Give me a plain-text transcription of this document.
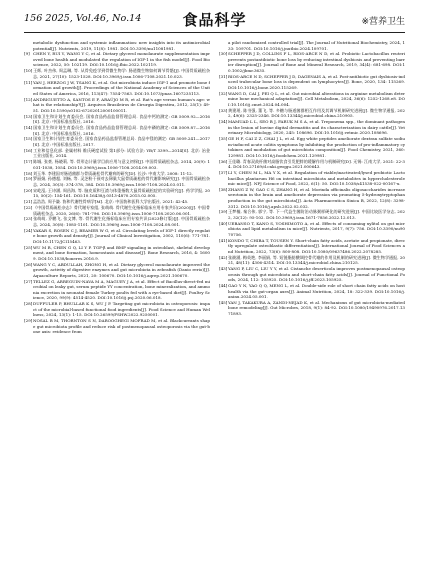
156 2025, Vol.46, No.14	食品科学	※营养卫生

metabolic dysfunction and systemic inflammation: new insights into its antimicrobial potential[J]. Nutrients, 2019, 11(8): 1981. DOI:10.3390/nu11081981.

[9] CHEN Y, RUI Y, WANG Y C, et al. Dietary glycerol monolaurate supplementation improved bone health and modulated the regulation of IGF-1 in the fish model[J]. Food Bioscience, 2022, 50: 102119. DOI:10.1016/j.fbio.2022.102119.

[10]王辉, 叶杰伟, 周孟琳, 等. 从骨免疫学到骨微生物学: 肠道微生物如何调节骨骼[J]. 中国骨质疏松杂志, 2021, 27(10): 1523-1528. DOI:10.3969/j.issn.1006-7108.2021.10.023.

[11]YAN J, HERZOG J W, TSANG K, et al. Gut microbiota induce IGF-1 and promote bone formation and growth[J]. Proceedings of the National Academy of Sciences of the United States of America, 2016, 113(47): 7554-7563. DOI:10.1073/pnas.1607235113.

[12]ANDRIGUETTO A, SANTOS E F, ARAÚJO M R, et al. Rat's age versus human's age: what is the relationship?[J]. Arquivos Brasileiros de Cirurgia Digestiva, 2012, 25(1): 49-51. DOI:10.1590/s0102-67202012000100011.

[13]国家卫生和计划生育委员会, 国家食品药品监督管理总局. 食品中钙的测定: GB 5009.92—2016[S]. 北京: 中国标准出版社, 2016.

[14]国家卫生和计划生育委员会, 国家食品药品监督管理总局. 食品中磷的测定: GB 5009.87—2016[S]. 北京: 中国标准出版社, 2016.

[15]国家卫生和计划生育委员会, 国家食品药品监督管理总局. 食品中镁的测定: GB 5009.241—2017[S]. 北京: 中国标准出版社, 2017.

[16]工业和信息化部. 金属材料 维氏硬度试验 第1部分: 试验方法: YB/T 3399—2014[S]. 北京: 冶金工业出版社, 2014.

[17]陈城, 张豪, 杨晓莉, 等. 骨形态计量学目前应用与意义初探[J]. 中国骨质疏松杂志, 2014, 20(9): 1031-1038, 1054. DOI:10.3969/j.issn.1006-7108.2014.09.003.

[18]刘玉华. 李建国对肠道菌群与骨质疏松骨代谢病的研究[D]. 长沙: 中南大学, 2008: 11-12.

[19]罗丽娟, 孙德超, 刘畅, 等. 灵芝粉干预对去卵巢大鼠骨质疏松的骨代谢影响研究[J]. 中国骨质疏松杂志, 2024, 30(3): 374-378, 384. DOI:10.3969/j.issn.1006-7108.2024.03.011.

[20]宋屹泓, 王诗涵, 周昌海, 等. 脑皮质和豆渣与体重指数大鼠骨质疏松症的实验研究[J]. 药学学报, 2015, 50(2): 154-161. DOI:10.16438/j.0513-4870.2015.02.005.

[21]孟浩浩, 周予谦. 协和代谢性骨病学[M]. 北京: 中国协和医科大学出版社, 2021: 42-45.

[22]《中国骨质疏松杂志》骨代谢专家组, 张萌萌. 骨代谢生化指标临床应用专家共识(2020)[J]. 中国骨质疏松杂志, 2020, 26(6): 781-796. DOI:10.3969/j.issn.1006-7108.2020.06.001.

[23]张萌萌, 乔鹏飞, 张文博, 等. 骨代谢生化指标临床应用专家共识(2023修订版)[J]. 中国骨质疏松杂志, 2024, 30(8): 1085-1101. DOI:10.3969/j.issn.1006-7108.2024.08.001.

[24]YAKAR S, ROSEN C J, BEAMER W G, et al. Circulating levels of IGF-1 directly regulate bone growth and density[J]. Journal of Clinical Investigation, 2002, 110(6): 771-781. DOI:10.1172/JCI15463.

[25]WU M R, CHEN G Q, LI Y P. TGF-β and BMP signaling in osteoblast, skeletal development, and bone formation, homeostasis and disease[J]. Bone Research, 2016, 4: 16009. DOI:10.1038/boneres.2016.9.

[26]WANG Y C, ABDULLAH, ZHONG H, et al. Dietary glycerol monolaurate improved the growth, activity of digestive enzymes and gut microbiota in zebrafish (Danio rerio)[J]. Aquaculture Reports, 2021, 20: 100670. DOI:10.1016/j.aqrep.2021.100670.

[27]TELLEZ G, ARREGUIN-NAVA M A, MAGUEY J A, et al. Effect of Bacillus-direct-fed microbial on leaky gut, serum peptide YY concentration, bone mineralization, and ammonia excretion in neonatal female Turkey poults fed with a rye-based diet[J]. Poultry Science, 2020, 99(9): 4514-4520. DOI:10.1016/j.psj.2020.06.018.

[28]DUFFULER P, BHULLAR K S, WU J P. Targeting gut microbiota in osteoporosis: impact of the microbial-based functional food ingredients[J]. Food Science and Human Wellness, 2024, 13(1): 1-15. DOI:10.26599/FSHW.2022.9250001.

[29]NOSAL B M, THORNTON S N, DAROOGHEGI MOFRAD M, et al. Blackcurrants shape gut microbiota profile and reduce risk of postmenopausal osteoporosis via the gut-bone axis: evidence from

a pilot randomized controlled trial[J]. The Journal of Nutritional Biochemistry, 2024, 133: 109701. DOI:10.1016/j.jnutbio.2024.109701.

[30]SCHEPPER J D, COLLINS F L, RIOS-ARCE N D, et al. Probiotic Lactobacillus reuteri prevents postantibiotic bone loss by reducing intestinal dysbiosis and preventing barrier disruption[J]. Journal of Bone and Mineral Research, 2019, 34(4): 681-698. DOI:10.1002/jbmr.3635.

[31]RIOS-ARCE N D, SCHEPPER J D, DAGENAIS A, et al. Post-antibiotic gut dysbiosis-induced trabecular bone loss is dependent on lymphocytes[J]. Bone, 2020, 134: 115269. DOI:10.1016/j.bone.2020.115269.

[32]WANG D, CAI J, PEI Q L, et al. Gut microbial alterations in arginine metabolism determine bone mechanical adaptation[J]. Cell Metabolism, 2024, 36(6): 1252-1268.e8. DOI:10.1016/j.cmet.2024.04.004.

[33]黄建瑶, 陈书强, 董飞, 等. 多糖与肠道菌群相互作用及其调节机制研究进展[J]. 微生物学通报, 2022, 49(6): 2325-2346. DOI:10.13344/j.microbiol.china.210905.

[34]MAMUAD L L, SEO B J, FARUK M S A, et al. Treponema spp., the dominant pathogen in the lesion of bovine digital dermatitis and its characterization in dairy cattle[J]. Veterinary Microbiology, 2020, 245: 108696. DOI:10.1016/j.vetmic.2020.108696.

[35]GE H F, CAI Z Z, CHAI J L, et al. Egg white peptides ameliorate dextran sulfate sodium-induced acute colitis symptoms by inhibiting the production of pro-inflammatory cytokines and modulation of gut microbiota composition[J]. Food Chemistry, 2021, 360: 129981. DOI:10.1016/j.foodchem.2021.129981.

[36]王佳璐. 青春双歧杆菌对高脂饮食引发肥胖的缓解作用与机制研究[D]. 无锡: 江南大学, 2021: 22-34. DOI:10.27169/d.cnki.gwqgu.2021.000643.

[37]LI Y, CHEN M L, MA Y X, et al. Regulation of viable/inactivated/lysed probiotic Lactobacillus plantarum H6 on intestinal microbiota and metabolites in hypercholesterolemic mice[J]. NPJ Science of Food, 2022, 6(1): 50. DOI:10.1038/s41538-022-00167-x.

[38]ZHANG Z W, GAO C S, ZHANG H, et al. Morinda officinalis oligosaccharides increase serotonin in the brain and ameliorate depression via promoting 5-hydroxytryptophan production in the gut microbiota[J]. Acta Pharmaceutica Sinica B, 2022, 12(8): 3298-3312. DOI:10.1016/j.apsb.2022.02.032.

[39]王梦楠, 秦合伟, 郭宁, 等. 下一代益生菌防治动脉粥样硬化的研究进展[J]. 中国比较医学杂志, 2022, 32(12): 95-102. DOI:10.3969/j.issn.1671-7856.2022.12.013.

[40]UEBANSO T, KANO S, YOSHIMOTO A, et al. Effects of consuming xylitol on gut microbiota and lipid metabolism in mice[J]. Nutrients, 2017, 9(7): 756. DOI:10.3390/nu9070756.

[41]KONDO T, CHIBA T, TOUSEN Y. Short-chain fatty acids, acetate and propionate, directly upregulate osteoblastic differentiation[J]. International Journal of Food Sciences and Nutrition, 2022, 73(6): 800-808. DOI:10.1080/09637486.2022.2078285.

[42]张筱涵, 梅英艳, 李丽娟, 等. 短链脂肪酸调控骨代谢的作用及机制的研究进展[J]. 微生物学通报, 2021, 48(11): 4306-4314. DOI:10.13344/j.microbiol.china.210125.

[43]YANG P, LIU C, LIU Y Y, et al. Cistanche deserticola improves postmenopausal osteoporosis through gut microbiota and short-chain fatty acids[J]. Journal of Functional Foods, 2024, 112: 105925. DOI:10.1016/j.jff.2023.105925.

[44]GAO Y N, YAO Q Q, MENG L, et al. Double-side role of short chain fatty acids on host health via the gut-organ axes[J]. Animal Nutrition, 2024, 18: 322-339. DOI:10.1016/j.aninu.2024.05.001.

[45]YAN J, TAKAKURA A, ZANDI-NEJAD K, et al. Mechanisms of gut microbiota-mediated bone remodeling[J]. Gut Microbes, 2018, 9(1): 84-92. DOI:10.1080/19490976.2017.1371893.
